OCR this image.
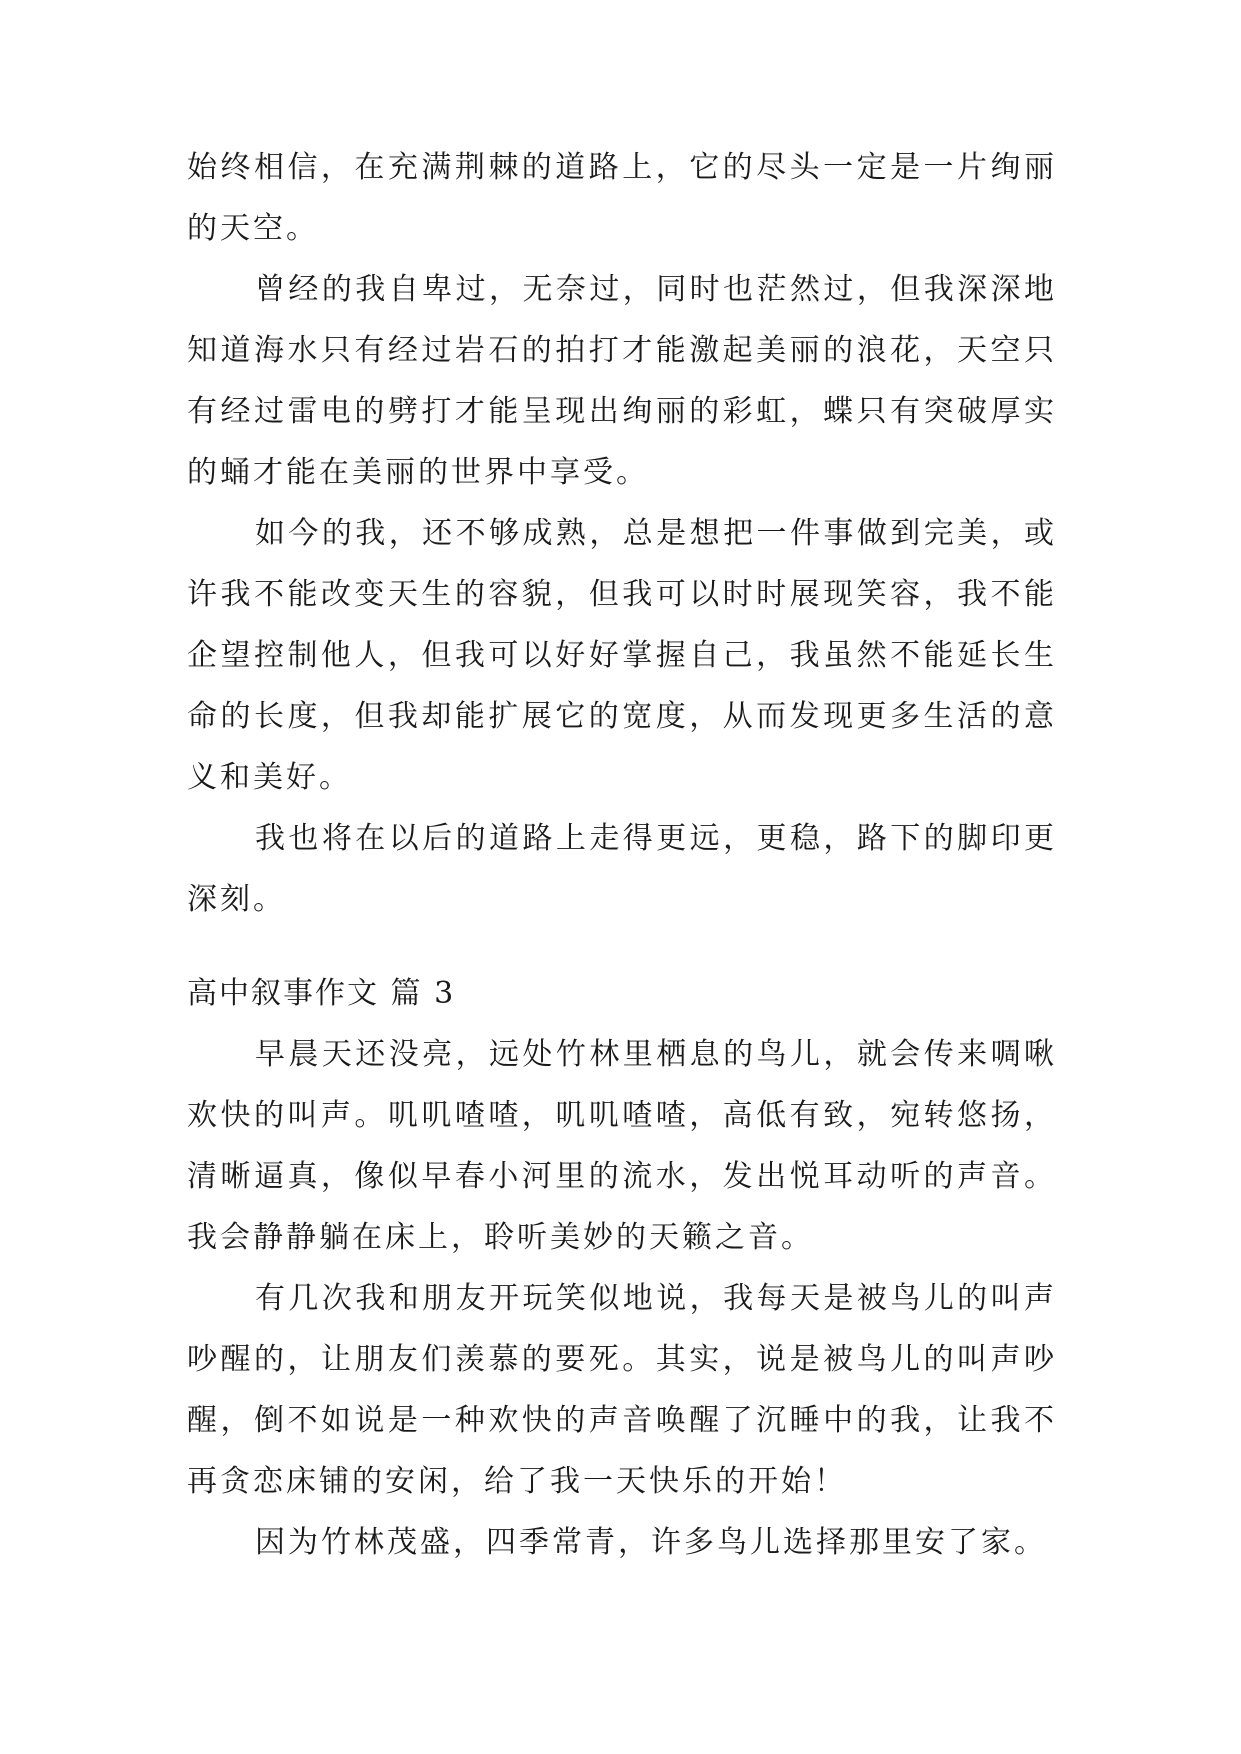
始终相信，在充满荆棘的道路上，它的尽头一定是一片绚丽的天空。

曾经的我自卑过，无奈过，同时也茫然过，但我深深地知道海水只有经过岩石的拍打才能激起美丽的浪花，天空只有经过雷电的劈打才能呈现出绚丽的彩虹，蝶只有突破厚实的蛹才能在美丽的世界中享受。

如今的我，还不够成熟，总是想把一件事做到完美，或许我不能改变天生的容貌，但我可以时时展现笑容，我不能企望控制他人，但我可以好好掌握自己，我虽然不能延长生命的长度，但我却能扩展它的宽度，从而发现更多生活的意义和美好。

我也将在以后的道路上走得更远，更稳，路下的脚印更深刻。

高中叙事作文 篇 3

早晨天还没亮，远处竹林里栖息的鸟儿，就会传来啁啾欢快的叫声。叽叽喳喳，叽叽喳喳，高低有致，宛转悠扬，清晰逼真，像似早春小河里的流水，发出悦耳动听的声音。我会静静躺在床上，聆听美妙的天籁之音。

有几次我和朋友开玩笑似地说，我每天是被鸟儿的叫声吵醒的，让朋友们羡慕的要死。其实，说是被鸟儿的叫声吵醒，倒不如说是一种欢快的声音唤醒了沉睡中的我，让我不再贪恋床铺的安闲，给了我一天快乐的开始！

因为竹林茂盛，四季常青，许多鸟儿选择那里安了家。
